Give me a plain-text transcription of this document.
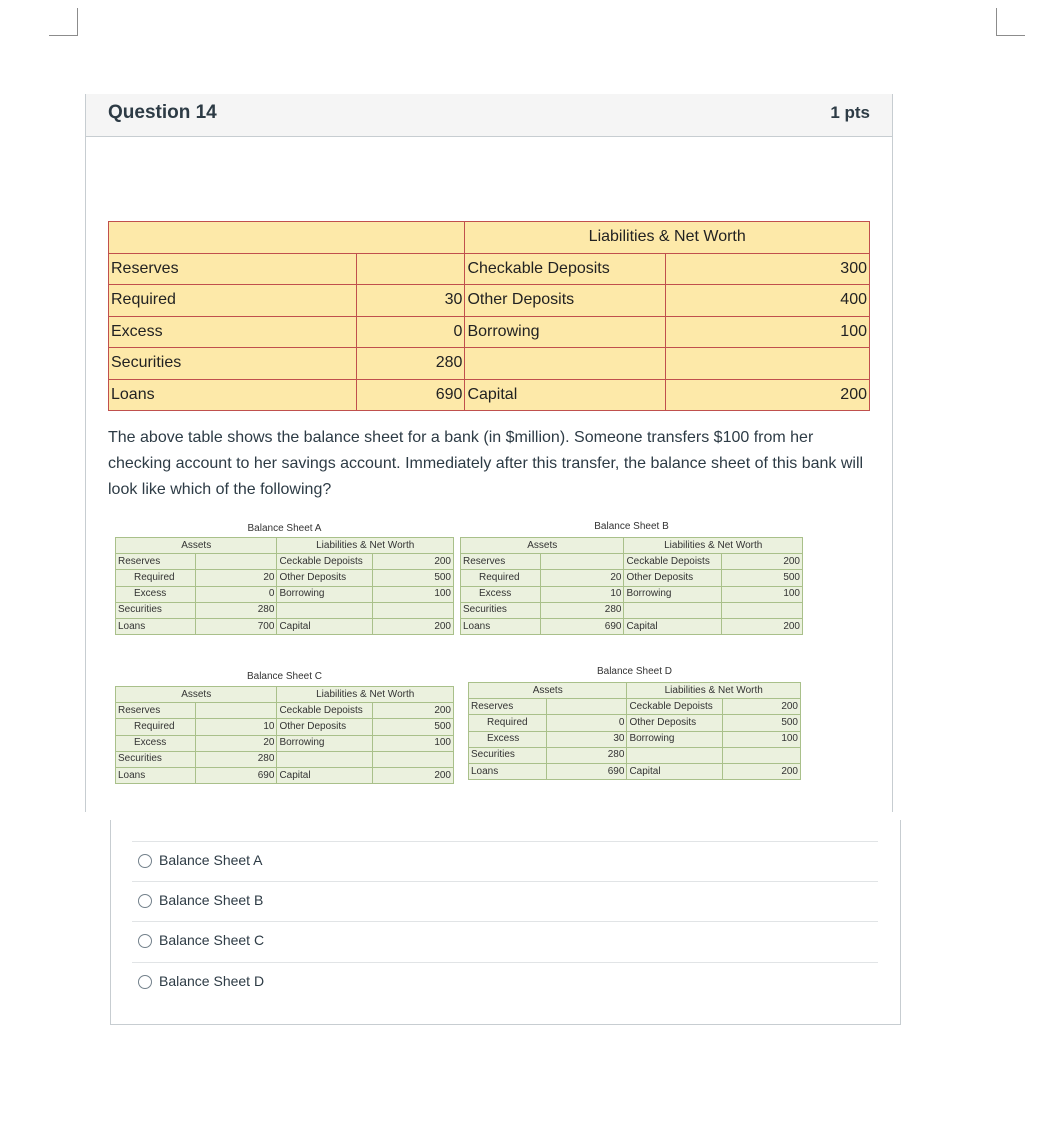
Question 14	1 pts
		Liabilities & Net Worth	
Reserves		Checkable Deposits	300
Required	30	Other Deposits	400
Excess	0	Borrowing	100
Securities	280		
Loans	690	Capital	200
The above table shows the balance sheet for a bank (in $million). Someone transfers $100 from her checking account to her savings account. Immediately after this transfer, the balance sheet of this bank will look like which of the following?
Balance Sheet A
Assets		Liabilities & Net Worth	
Reserves		Ceckable Depoists	200
Required	20	Other Deposits	500
Excess	0	Borrowing	100
Securities	280		
Loans	700	Capital	200
Balance Sheet B
Assets		Liabilities & Net Worth	
Reserves		Ceckable Depoists	200
Required	20	Other Deposits	500
Excess	10	Borrowing	100
Securities	280		
Loans	690	Capital	200
Balance Sheet C
Assets		Liabilities & Net Worth	
Reserves		Ceckable Depoists	200
Required	10	Other Deposits	500
Excess	20	Borrowing	100
Securities	280		
Loans	690	Capital	200
Balance Sheet D
Assets		Liabilities & Net Worth	
Reserves		Ceckable Depoists	200
Required	0	Other Deposits	500
Excess	30	Borrowing	100
Securities	280		
Loans	690	Capital	200
Balance Sheet A
Balance Sheet B
Balance Sheet C
Balance Sheet D
